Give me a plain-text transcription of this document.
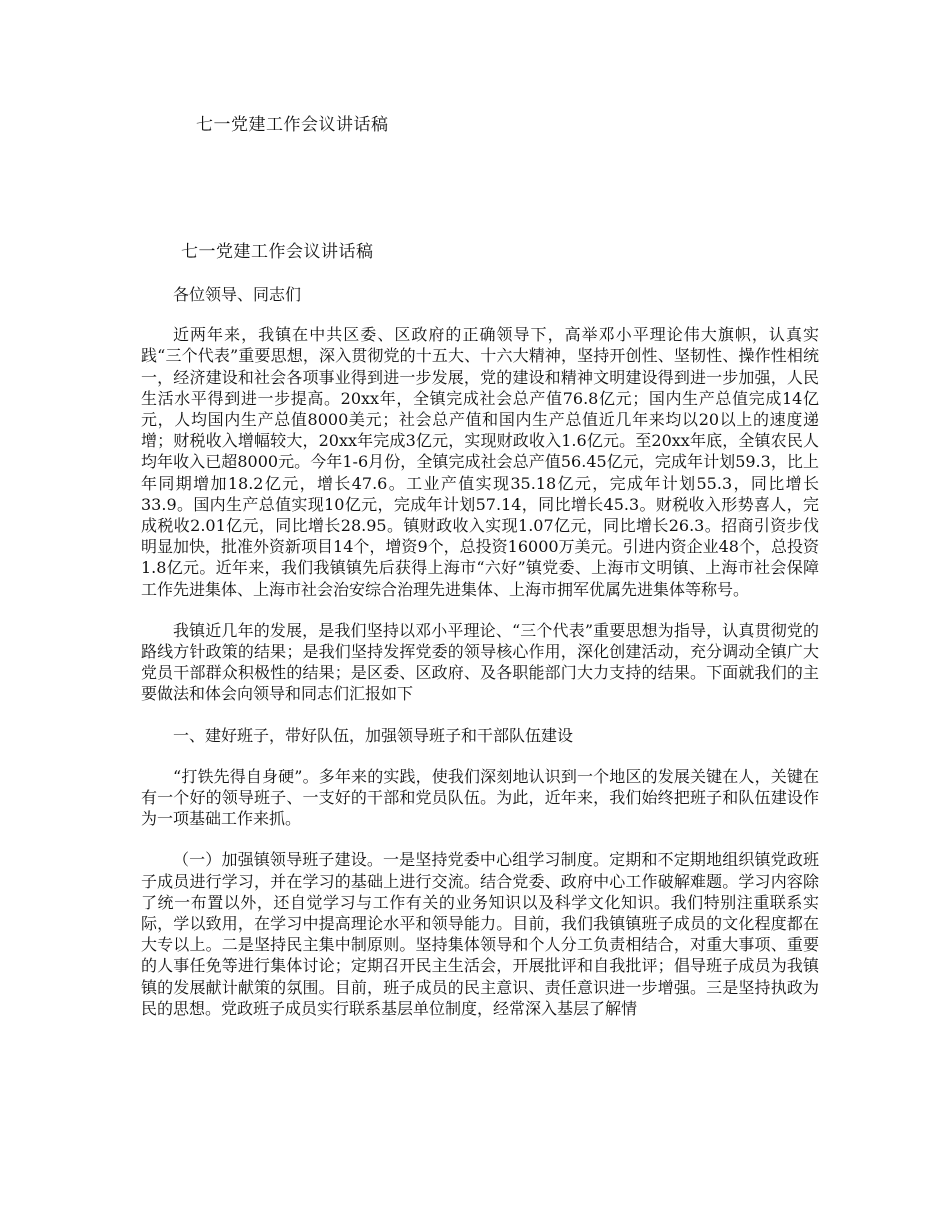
七一党建工作会议讲话稿
七一党建工作会议讲话稿
各位领导、同志们

近两年来，我镇在中共区委、区政府的正确领导下，高举邓小平理论伟大旗帜，认真实践“三个代表”重要思想，深入贯彻党的十五大、十六大精神，坚持开创性、坚韧性、操作性相统一，经济建设和社会各项事业得到进一步发展，党的建设和精神文明建设得到进一步加强，人民生活水平得到进一步提高。20xx年，全镇完成社会总产值76.8亿元；国内生产总值完成14亿元，人均国内生产总值8000美元；社会总产值和国内生产总值近几年来均以20以上的速度递增；财税收入增幅较大，20xx年完成3亿元，实现财政收入1.6亿元。至20xx年底，全镇农民人均年收入已超8000元。今年1-6月份，全镇完成社会总产值56.45亿元，完成年计划59.3，比上年同期增加18.2亿元，增长47.6。工业产值实现35.18亿元，完成年计划55.3，同比增长33.9。国内生产总值实现10亿元，完成年计划57.14，同比增长45.3。财税收入形势喜人，完成税收2.01亿元，同比增长28.95。镇财政收入实现1.07亿元，同比增长26.3。招商引资步伐明显加快，批准外资新项目14个，增资9个，总投资16000万美元。引进内资企业48个，总投资1.8亿元。近年来，我们我镇镇先后获得上海市“六好”镇党委、上海市文明镇、上海市社会保障工作先进集体、上海市社会治安综合治理先进集体、上海市拥军优属先进集体等称号。

我镇近几年的发展，是我们坚持以邓小平理论、“三个代表”重要思想为指导，认真贯彻党的路线方针政策的结果；是我们坚持发挥党委的领导核心作用，深化创建活动，充分调动全镇广大党员干部群众积极性的结果；是区委、区政府、及各职能部门大力支持的结果。下面就我们的主要做法和体会向领导和同志们汇报如下

一、建好班子，带好队伍，加强领导班子和干部队伍建设

“打铁先得自身硬”。多年来的实践，使我们深刻地认识到一个地区的发展关键在人，关键在有一个好的领导班子、一支好的干部和党员队伍。为此，近年来，我们始终把班子和队伍建设作为一项基础工作来抓。

（一）加强镇领导班子建设。一是坚持党委中心组学习制度。定期和不定期地组织镇党政班子成员进行学习，并在学习的基础上进行交流。结合党委、政府中心工作破解难题。学习内容除了统一布置以外，还自觉学习与工作有关的业务知识以及科学文化知识。我们特别注重联系实际，学以致用，在学习中提高理论水平和领导能力。目前，我们我镇镇班子成员的文化程度都在大专以上。二是坚持民主集中制原则。坚持集体领导和个人分工负责相结合，对重大事项、重要的人事任免等进行集体讨论；定期召开民主生活会，开展批评和自我批评；倡导班子成员为我镇镇的发展献计献策的氛围。目前，班子成员的民主意识、责任意识进一步增强。三是坚持执政为民的思想。党政班子成员实行联系基层单位制度，经常深入基层了解情
